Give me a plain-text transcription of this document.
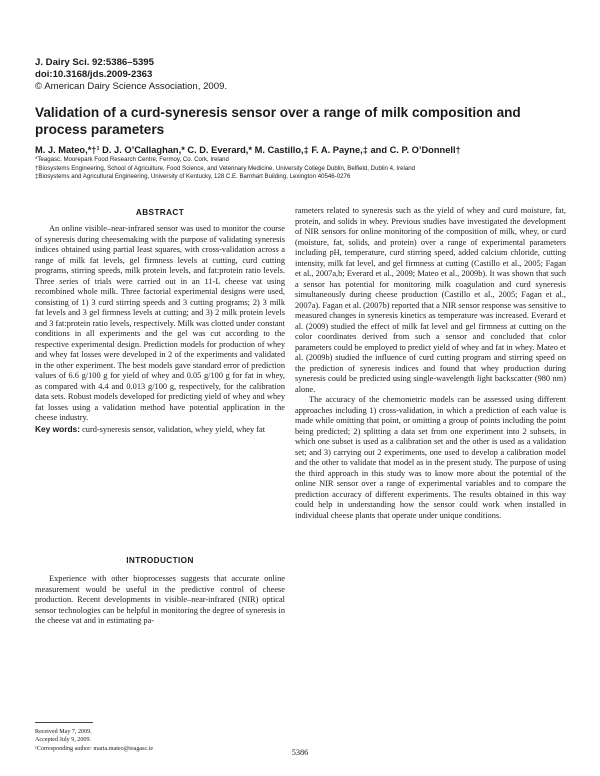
J. Dairy Sci. 92:5386–5395
doi:10.3168/jds.2009-2363
© American Dairy Science Association, 2009.
Validation of a curd-syneresis sensor over a range of milk composition and process parameters
M. J. Mateo,*†¹ D. J. O’Callaghan,* C. D. Everard,* M. Castillo,‡ F. A. Payne,‡ and C. P. O’Donnell†
*Teagasc, Moorepark Food Research Centre, Fermoy, Co. Cork, Ireland
†Biosystems Engineering, School of Agriculture, Food Science, and Veterinary Medicine, University College Dublin, Belfield, Dublin 4, Ireland
‡Biosystems and Agricultural Engineering, University of Kentucky, 128 C.E. Barnhart Building, Lexington 40546-0276
ABSTRACT

An online visible–near-infrared sensor was used to monitor the course of syneresis during cheesemaking with the purpose of validating syneresis indices obtained using partial least squares, with cross-validation across a range of milk fat levels, gel firmness levels at cutting, curd cutting programs, stirring speeds, milk protein levels, and fat:protein ratio levels. Three series of trials were carried out in an 11-L cheese vat using recombined whole milk. Three factorial experimental designs were used, consisting of 1) 3 curd stirring speeds and 3 cutting programs; 2) 3 milk fat levels and 3 gel firmness levels at cutting; and 3) 2 milk protein levels and 3 fat:protein ratio levels, respectively. Milk was clotted under constant conditions in all experiments and the gel was cut according to the respective experimental design. Prediction models for production of whey and whey fat losses were developed in 2 of the experiments and validated in the other experiment. The best models gave standard error of prediction values of 6.6 g/100 g for yield of whey and 0.05 g/100 g for fat in whey, as compared with 4.4 and 0.013 g/100 g, respectively, for the calibration data sets. Robust models developed for predicting yield of whey and whey fat losses using a validation method have potential application in the cheese industry.

Key words: curd-syneresis sensor, validation, whey yield, whey fat

INTRODUCTION

Experience with other bioprocesses suggests that accurate online measurement would be useful in the predictive control of cheese production. Recent developments in visible–near-infrared (NIR) optical sensor technologies can be helpful in monitoring the degree of syneresis in the cheese vat and in estimating pa-

Received May 7, 2009.
Accepted July 9, 2009.
¹Corresponding author: maria.mateo@teagasc.ie

rameters related to syneresis such as the yield of whey and curd moisture, fat, protein, and solids in whey. Previous studies have investigated the development of NIR sensors for online monitoring of the composition of milk, whey, or curd (moisture, fat, solids, and protein) over a range of experimental parameters including pH, temperature, curd stirring speed, added calcium chloride, cutting intensity, milk fat level, and gel firmness at cutting (Castillo et al., 2005; Fagan et al., 2007a,b; Everard et al., 2009; Mateo et al., 2009b). It was shown that such a sensor has potential for monitoring milk coagulation and curd syneresis simultaneously during cheese production (Castillo et al., 2005; Fagan et al., 2007a). Fagan et al. (2007b) reported that a NIR sensor response was sensitive to measured changes in syneresis kinetics as temperature was increased. Everard et al. (2009) studied the effect of milk fat level and gel firmness at cutting on the color coordinates derived from such a sensor and concluded that color parameters could be employed to predict yield of whey and fat in whey. Mateo et al. (2009b) studied the influence of curd cutting program and stirring speed on the prediction of syneresis indices and found that whey production during syneresis could be predicted using single-wavelength light backscatter (980 nm) alone.

The accuracy of the chemometric models can be assessed using different approaches including 1) cross-validation, in which a prediction of each value is made while omitting that point, or omitting a group of points including the point being predicted; 2) splitting a data set from one experiment into 2 subsets, in which one subset is used as a calibration set and the other is used as a validation set; and 3) carrying out 2 experiments, one used to develop a calibration model and the other to validate that model as in the present study. The purpose of using the third approach in this study was to know more about the potential of the online NIR sensor over a range of experimental variables and to compare the prediction accuracy of different experiments. The results obtained in this way could help in understanding how the sensor could work when installed in individual cheese plants that operate under unique conditions.

5386
